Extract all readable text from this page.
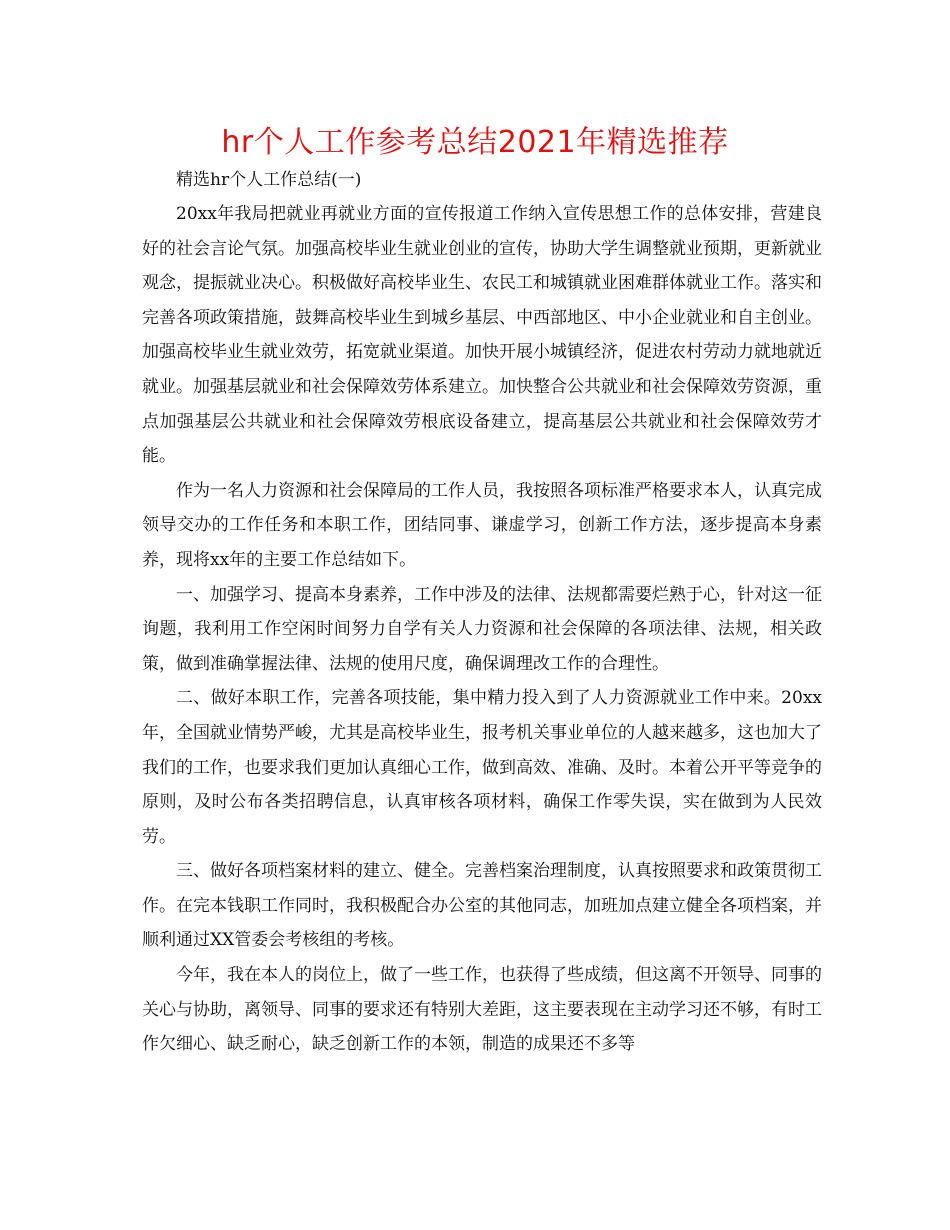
hr个人工作参考总结2021年精选推荐

精选hr个人工作总结(一)

20xx年我局把就业再就业方面的宣传报道工作纳入宣传思想工作的总体安排，营建良好的社会言论气氛。加强高校毕业生就业创业的宣传，协助大学生调整就业预期，更新就业观念，提振就业决心。积极做好高校毕业生、农民工和城镇就业困难群体就业工作。落实和完善各项政策措施，鼓舞高校毕业生到城乡基层、中西部地区、中小企业就业和自主创业。加强高校毕业生就业效劳，拓宽就业渠道。加快开展小城镇经济，促进农村劳动力就地就近就业。加强基层就业和社会保障效劳体系建立。加快整合公共就业和社会保障效劳资源，重点加强基层公共就业和社会保障效劳根底设备建立，提高基层公共就业和社会保障效劳才能。

作为一名人力资源和社会保障局的工作人员，我按照各项标准严格要求本人，认真完成领导交办的工作任务和本职工作，团结同事、谦虚学习，创新工作方法，逐步提高本身素养，现将xx年的主要工作总结如下。

一、加强学习、提高本身素养，工作中涉及的法律、法规都需要烂熟于心，针对这一征询题，我利用工作空闲时间努力自学有关人力资源和社会保障的各项法律、法规，相关政策，做到准确掌握法律、法规的使用尺度，确保调理改工作的合理性。

二、做好本职工作，完善各项技能，集中精力投入到了人力资源就业工作中来。20xx年，全国就业情势严峻，尤其是高校毕业生，报考机关事业单位的人越来越多，这也加大了我们的工作，也要求我们更加认真细心工作，做到高效、准确、及时。本着公开平等竞争的原则，及时公布各类招聘信息，认真审核各项材料，确保工作零失误，实在做到为人民效劳。

三、做好各项档案材料的建立、健全。完善档案治理制度，认真按照要求和政策贯彻工作。在完本钱职工作同时，我积极配合办公室的其他同志，加班加点建立健全各项档案，并顺利通过XX管委会考核组的考核。

今年，我在本人的岗位上，做了一些工作，也获得了些成绩，但这离不开领导、同事的关心与协助，离领导、同事的要求还有特别大差距，这主要表现在主动学习还不够，有时工作欠细心、缺乏耐心，缺乏创新工作的本领，制造的成果还不多等
